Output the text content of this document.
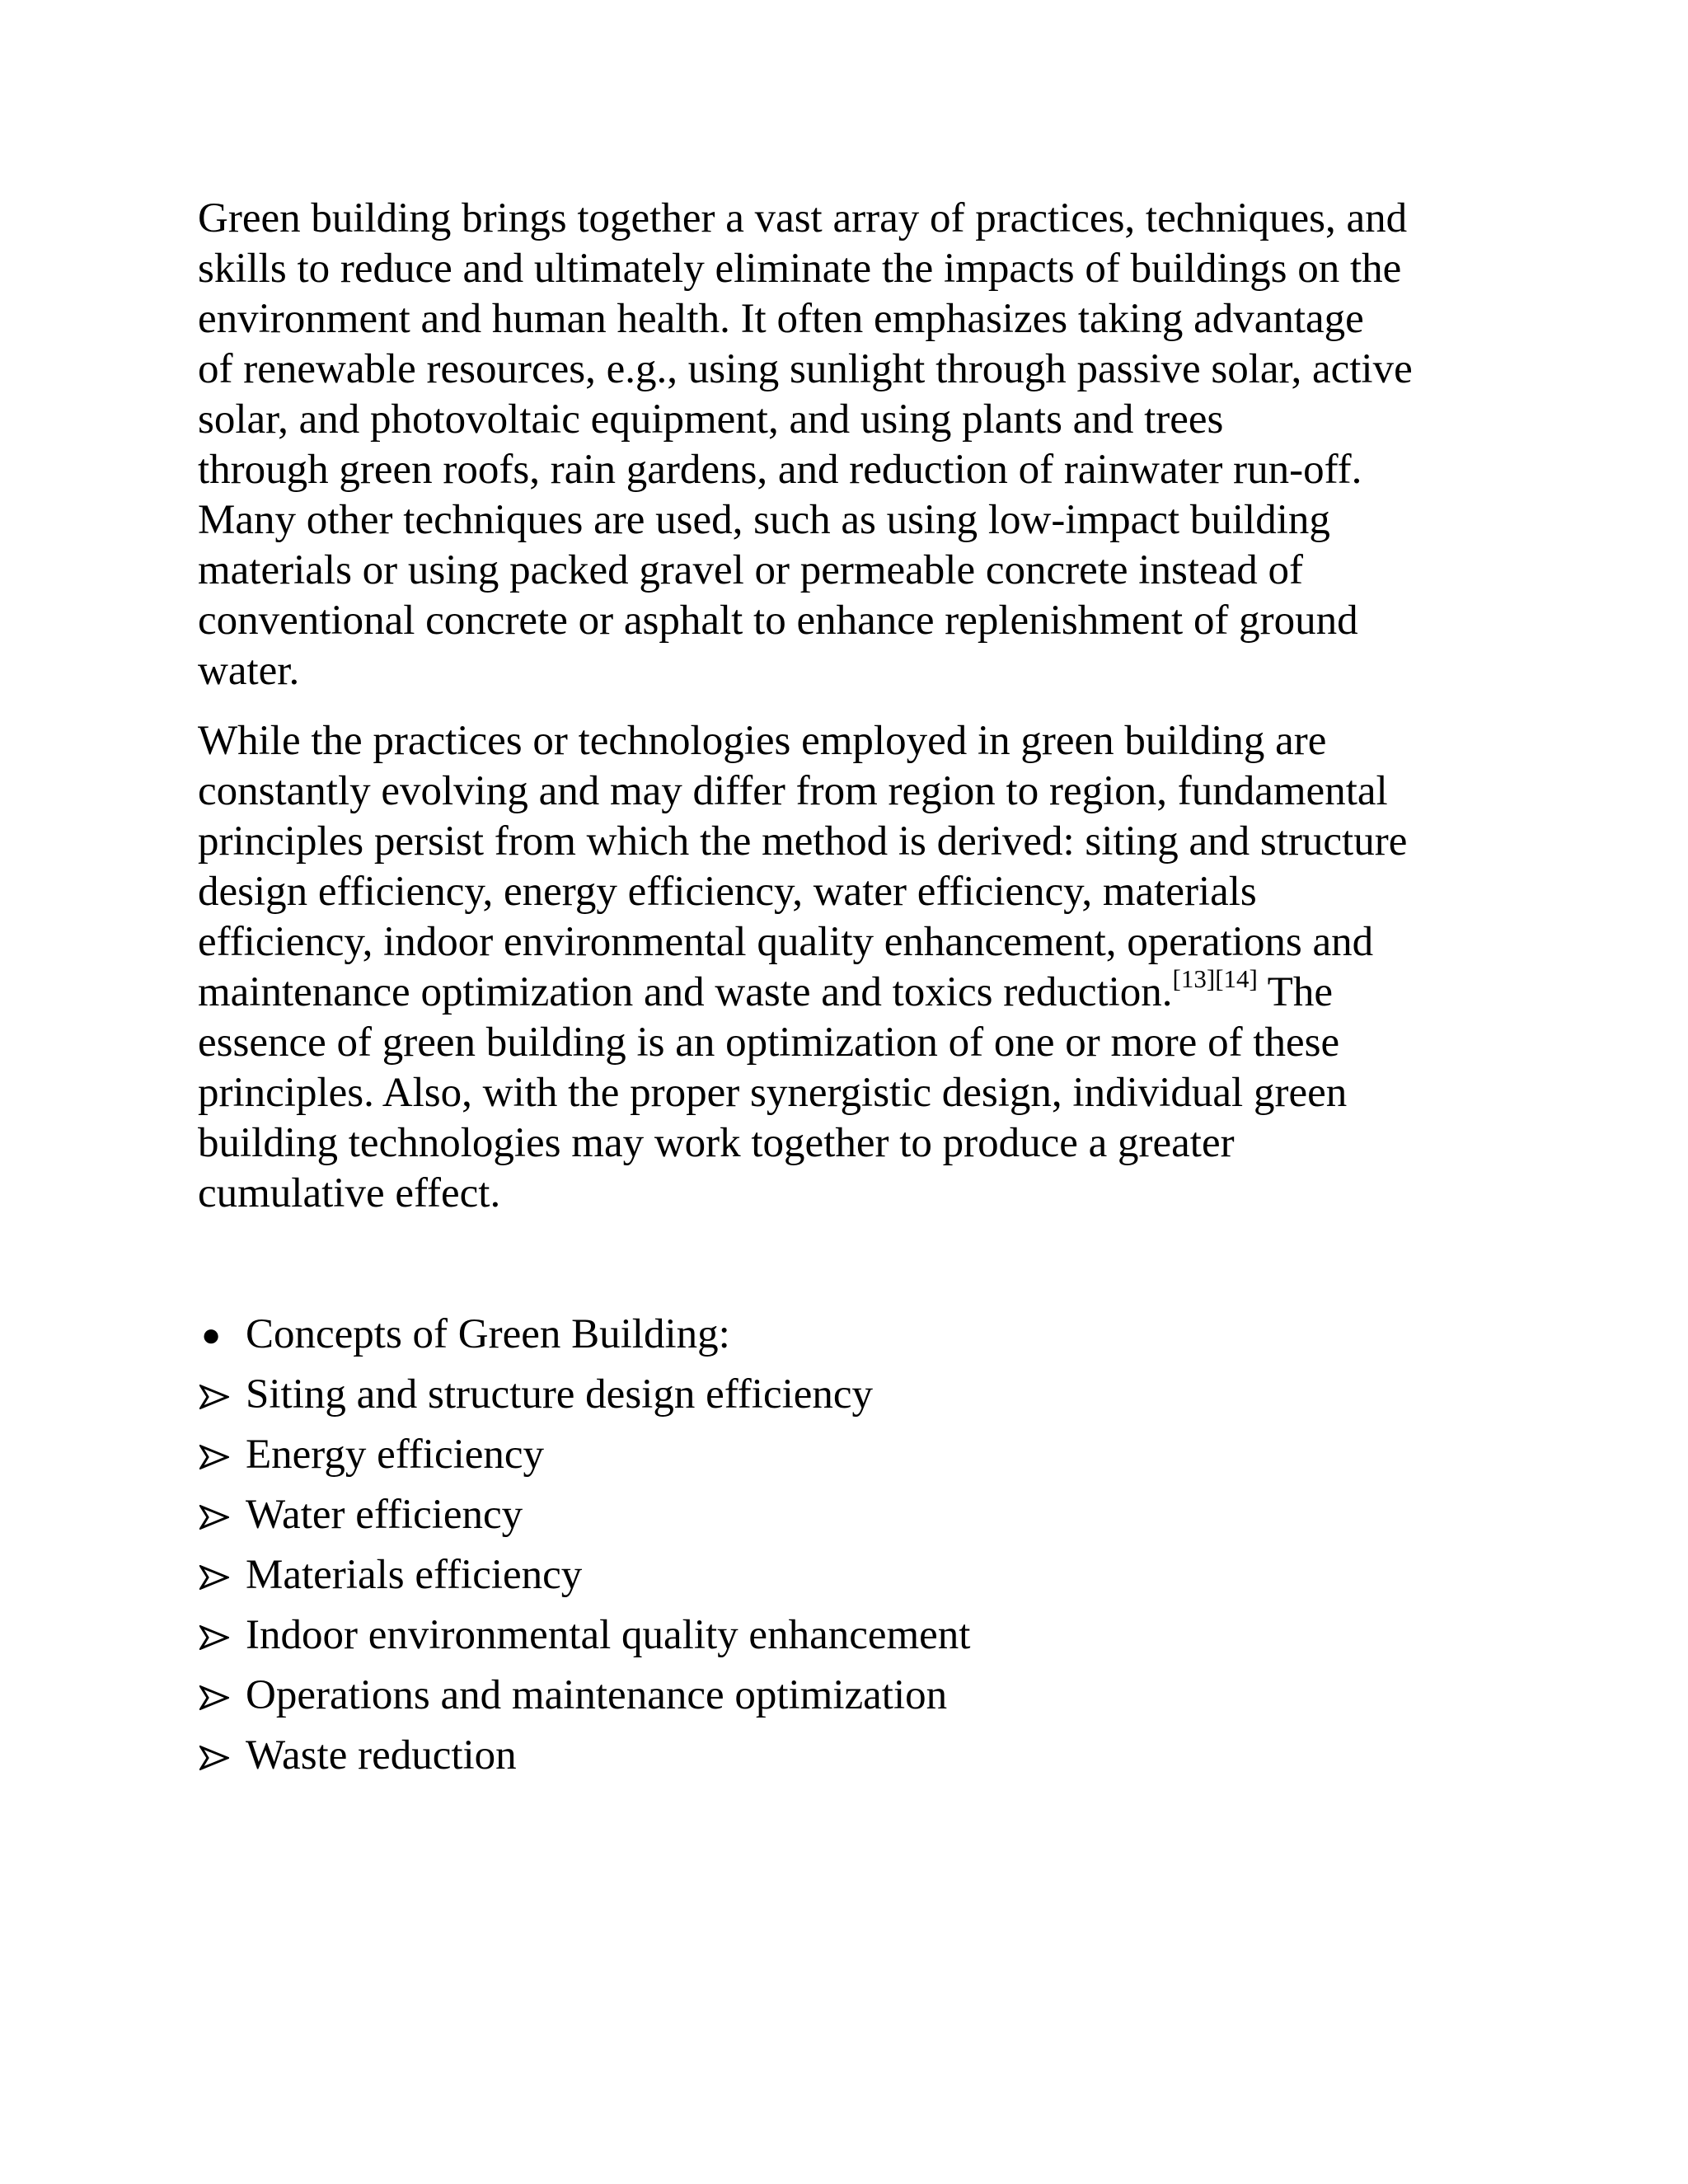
Green building brings together a vast array of practices, techniques, and
skills to reduce and ultimately eliminate the impacts of buildings on the
environment and human health. It often emphasizes taking advantage
of renewable resources, e.g., using sunlight through passive solar, active
solar, and photovoltaic equipment, and using plants and trees
through green roofs, rain gardens, and reduction of rainwater run-off.
Many other techniques are used, such as using low-impact building
materials or using packed gravel or permeable concrete instead of
conventional concrete or asphalt to enhance replenishment of ground
water.

While the practices or technologies employed in green building are
constantly evolving and may differ from region to region, fundamental
principles persist from which the method is derived: siting and structure
design efficiency, energy efficiency, water efficiency, materials
efficiency, indoor environmental quality enhancement, operations and
maintenance optimization and waste and toxics reduction.[13][14] The
essence of green building is an optimization of one or more of these
principles. Also, with the proper synergistic design, individual green
building technologies may work together to produce a greater
cumulative effect.

● Concepts of Green Building:
Siting and structure design efficiency
Energy efficiency
Water efficiency
Materials efficiency
Indoor environmental quality enhancement
Operations and maintenance optimization
Waste reduction
